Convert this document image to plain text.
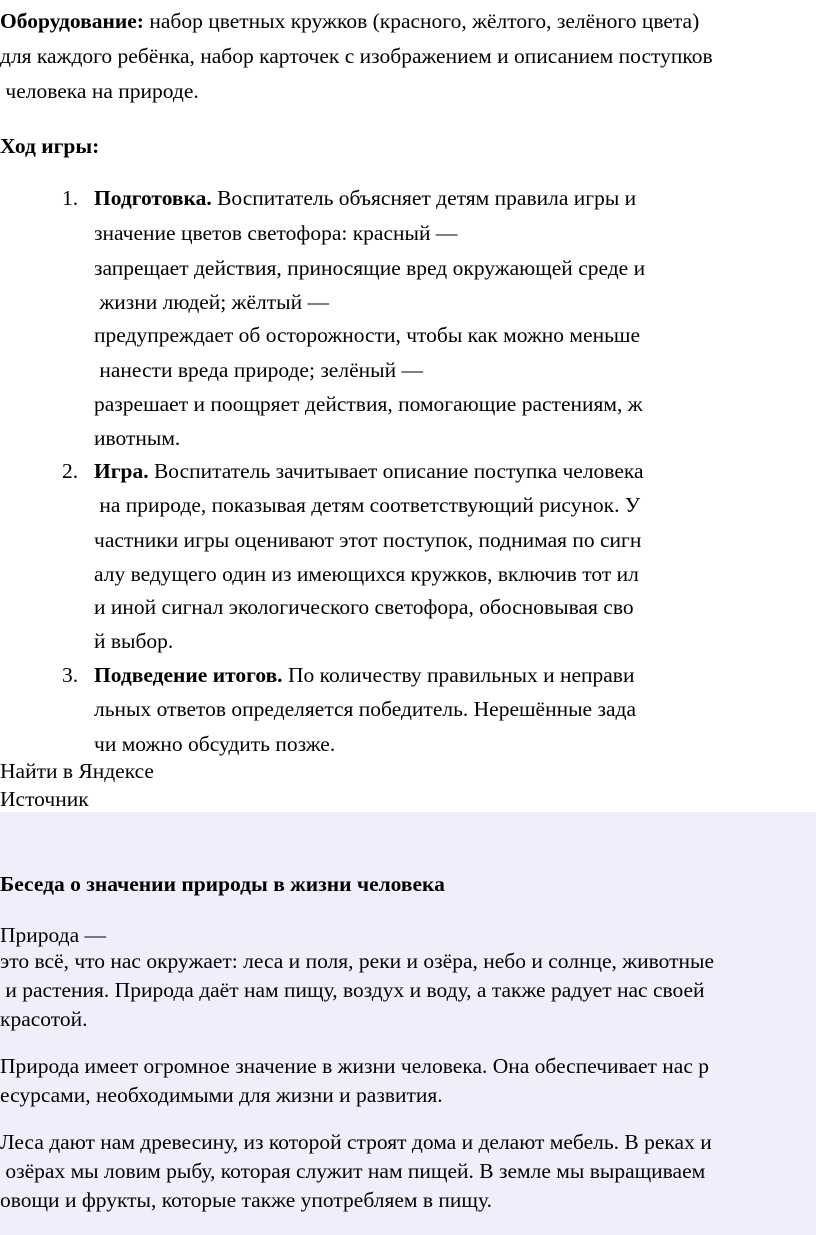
Оборудование: набор цветных кружков (красного, жёлтого, зелёного цвета)
для каждого ребёнка, набор карточек с изображением и описанием поступков
человека на природе.
Ход игры:
1. Подготовка. Воспитатель объясняет детям правила игры и
значение цветов светофора: красный —
запрещает действия, приносящие вред окружающей среде и
жизни людей; жёлтый —
предупреждает об осторожности, чтобы как можно меньше
нанести вреда природе; зелёный —
разрешает и поощряет действия, помогающие растениям, ж
ивотным.
2. Игра. Воспитатель зачитывает описание поступка человека
на природе, показывая детям соответствующий рисунок. У
частники игры оценивают этот поступок, поднимая по сигн
алу ведущего один из имеющихся кружков, включив тот ил
и иной сигнал экологического светофора, обосновывая сво
й выбор.
3. Подведение итогов. По количеству правильных и неправи
льных ответов определяется победитель. Нерешённые зада
чи можно обсудить позже.
Найти в Яндексе
Источник
Беседа о значении природы в жизни человека
Природа —
это всё, что нас окружает: леса и поля, реки и озёра, небо и солнце, животные
и растения. Природа даёт нам пищу, воздух и воду, а также радует нас своей
красотой.
Природа имеет огромное значение в жизни человека. Она обеспечивает нас р
есурсами, необходимыми для жизни и развития.
Леса дают нам древесину, из которой строят дома и делают мебель. В реках и
озёрах мы ловим рыбу, которая служит нам пищей. В земле мы выращиваем
овощи и фрукты, которые также употребляем в пищу.
